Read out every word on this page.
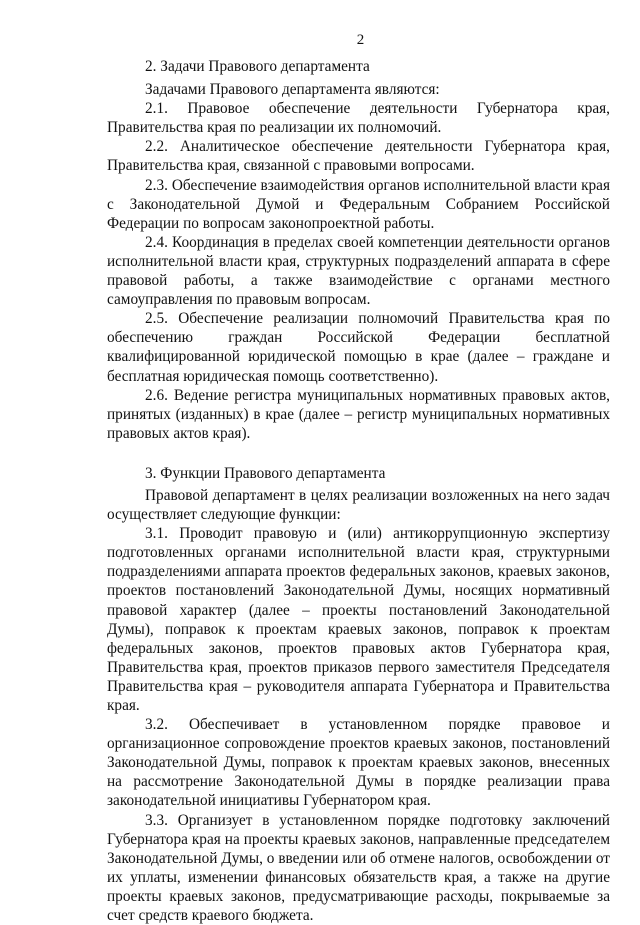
2

2. Задачи Правового департамента

Задачами Правового департамента являются:

2.1. Правовое обеспечение деятельности Губернатора края, Правительства края по реализации их полномочий.

2.2. Аналитическое обеспечение деятельности Губернатора края, Правительства края, связанной с правовыми вопросами.

2.3. Обеспечение взаимодействия органов исполнительной власти края с Законодательной Думой и Федеральным Собранием Российской Федерации по вопросам законопроектной работы.

2.4. Координация в пределах своей компетенции деятельности органов исполнительной власти края, структурных подразделений аппарата в сфере правовой работы, а также взаимодействие с органами местного самоуправления по правовым вопросам.

2.5. Обеспечение реализации полномочий Правительства края по обеспечению граждан Российской Федерации бесплатной квалифицированной юридической помощью в крае (далее – граждане и бесплатная юридическая помощь соответственно).

2.6. Ведение регистра муниципальных нормативных правовых актов, принятых (изданных) в крае (далее – регистр муниципальных нормативных правовых актов края).

3. Функции Правового департамента

Правовой департамент в целях реализации возложенных на него задач осуществляет следующие функции:

3.1. Проводит правовую и (или) антикоррупционную экспертизу подготовленных органами исполнительной власти края, структурными подразделениями аппарата проектов федеральных законов, краевых законов, проектов постановлений Законодательной Думы, носящих нормативный правовой характер (далее – проекты постановлений Законодательной Думы), поправок к проектам краевых законов, поправок к проектам федеральных законов, проектов правовых актов Губернатора края, Правительства края, проектов приказов первого заместителя Председателя Правительства края – руководителя аппарата Губернатора и Правительства края.

3.2. Обеспечивает в установленном порядке правовое и организационное сопровождение проектов краевых законов, постановлений Законодательной Думы, поправок к проектам краевых законов, внесенных на рассмотрение Законодательной Думы в порядке реализации права законодательной инициативы Губернатором края.

3.3. Организует в установленном порядке подготовку заключений Губернатора края на проекты краевых законов, направленные председателем Законодательной Думы, о введении или об отмене налогов, освобождении от их уплаты, изменении финансовых обязательств края, а также на другие проекты краевых законов, предусматривающие расходы, покрываемые за счет средств краевого бюджета.
